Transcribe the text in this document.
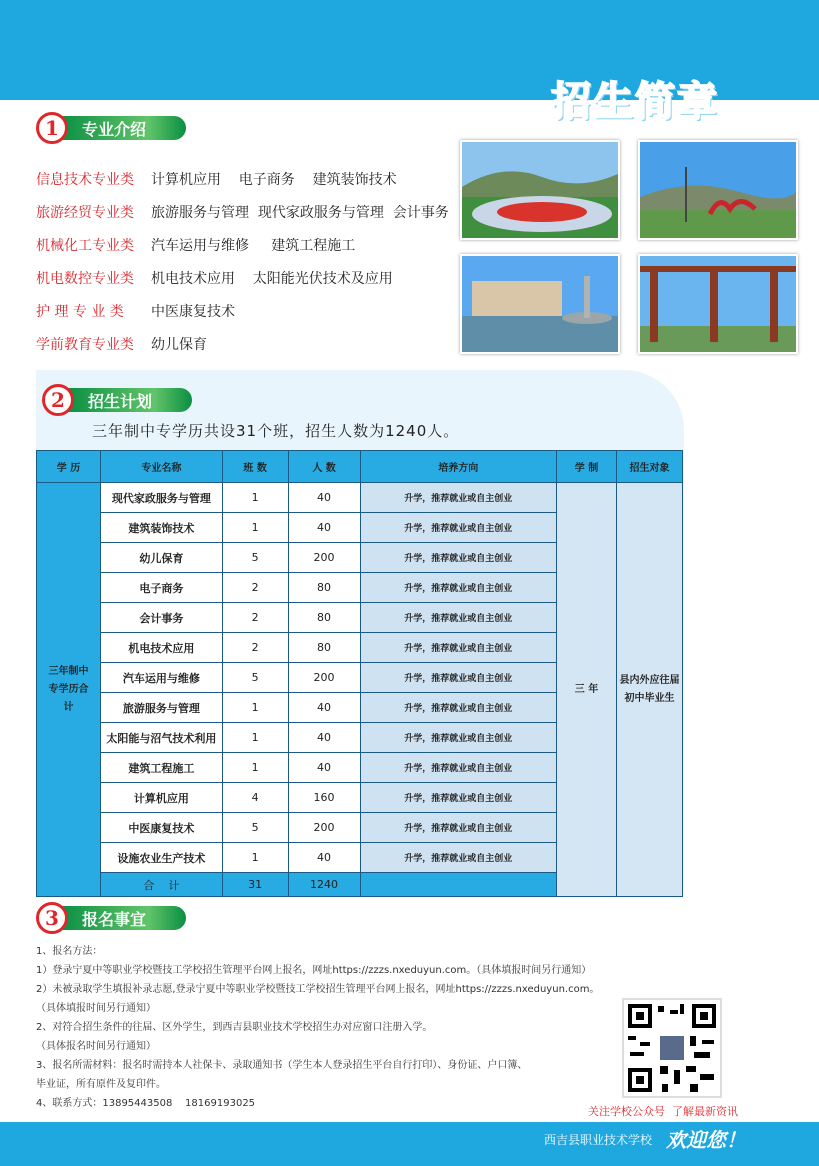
招生简章
1	专业介绍
信息技术专业类	计算机应用    电子商务    建筑装饰技术
旅游经贸专业类	旅游服务与管理  现代家政服务与管理  会计事务
机械化工专业类	汽车运用与维修     建筑工程施工
机电数控专业类	机电技术应用    太阳能光伏技术及应用
护 理 专 业 类	中医康复技术
学前教育专业类	幼儿保育
2	招生计划
三年制中专学历共设31个班，招生人数为1240人。
学 历	专业名称	班 数	人 数	培养方向	学 制	招生对象
三年制中专学历合计	现代家政服务与管理	1	40	升学，推荐就业或自主创业	三 年	县内外应往届初中毕业生
	建筑装饰技术	1	40	升学，推荐就业或自主创业		
	幼儿保育	5	200	升学，推荐就业或自主创业		
	电子商务	2	80	升学，推荐就业或自主创业		
	会计事务	2	80	升学，推荐就业或自主创业		
	机电技术应用	2	80	升学，推荐就业或自主创业		
	汽车运用与维修	5	200	升学，推荐就业或自主创业		
	旅游服务与管理	1	40	升学，推荐就业或自主创业		
	太阳能与沼气技术利用	1	40	升学，推荐就业或自主创业		
	建筑工程施工	1	40	升学，推荐就业或自主创业		
	计算机应用	4	160	升学，推荐就业或自主创业		
	中医康复技术	5	200	升学，推荐就业或自主创业		
	设施农业生产技术	1	40	升学，推荐就业或自主创业		
	合    计	31	1240			
3	报名事宜
1、报名方法：
1）登录宁夏中等职业学校暨技工学校招生管理平台网上报名，网址https://zzzs.nxeduyun.com。（具体填报时间另行通知）
2）未被录取学生填报补录志愿,登录宁夏中等职业学校暨技工学校招生管理平台网上报名，网址https://zzzs.nxeduyun.com。
（具体填报时间另行通知）
2、对符合招生条件的往届、区外学生，到西吉县职业技术学校招生办对应窗口注册入学。
（具体报名时间另行通知）
3、报名所需材料：报名时需持本人社保卡、录取通知书（学生本人登录招生平台自行打印）、身份证、户口簿、
毕业证，所有原件及复印件。
4、联系方式：13895443508    18169193025
关注学校公众号  了解最新资讯
西吉县职业技术学校 欢迎您！
